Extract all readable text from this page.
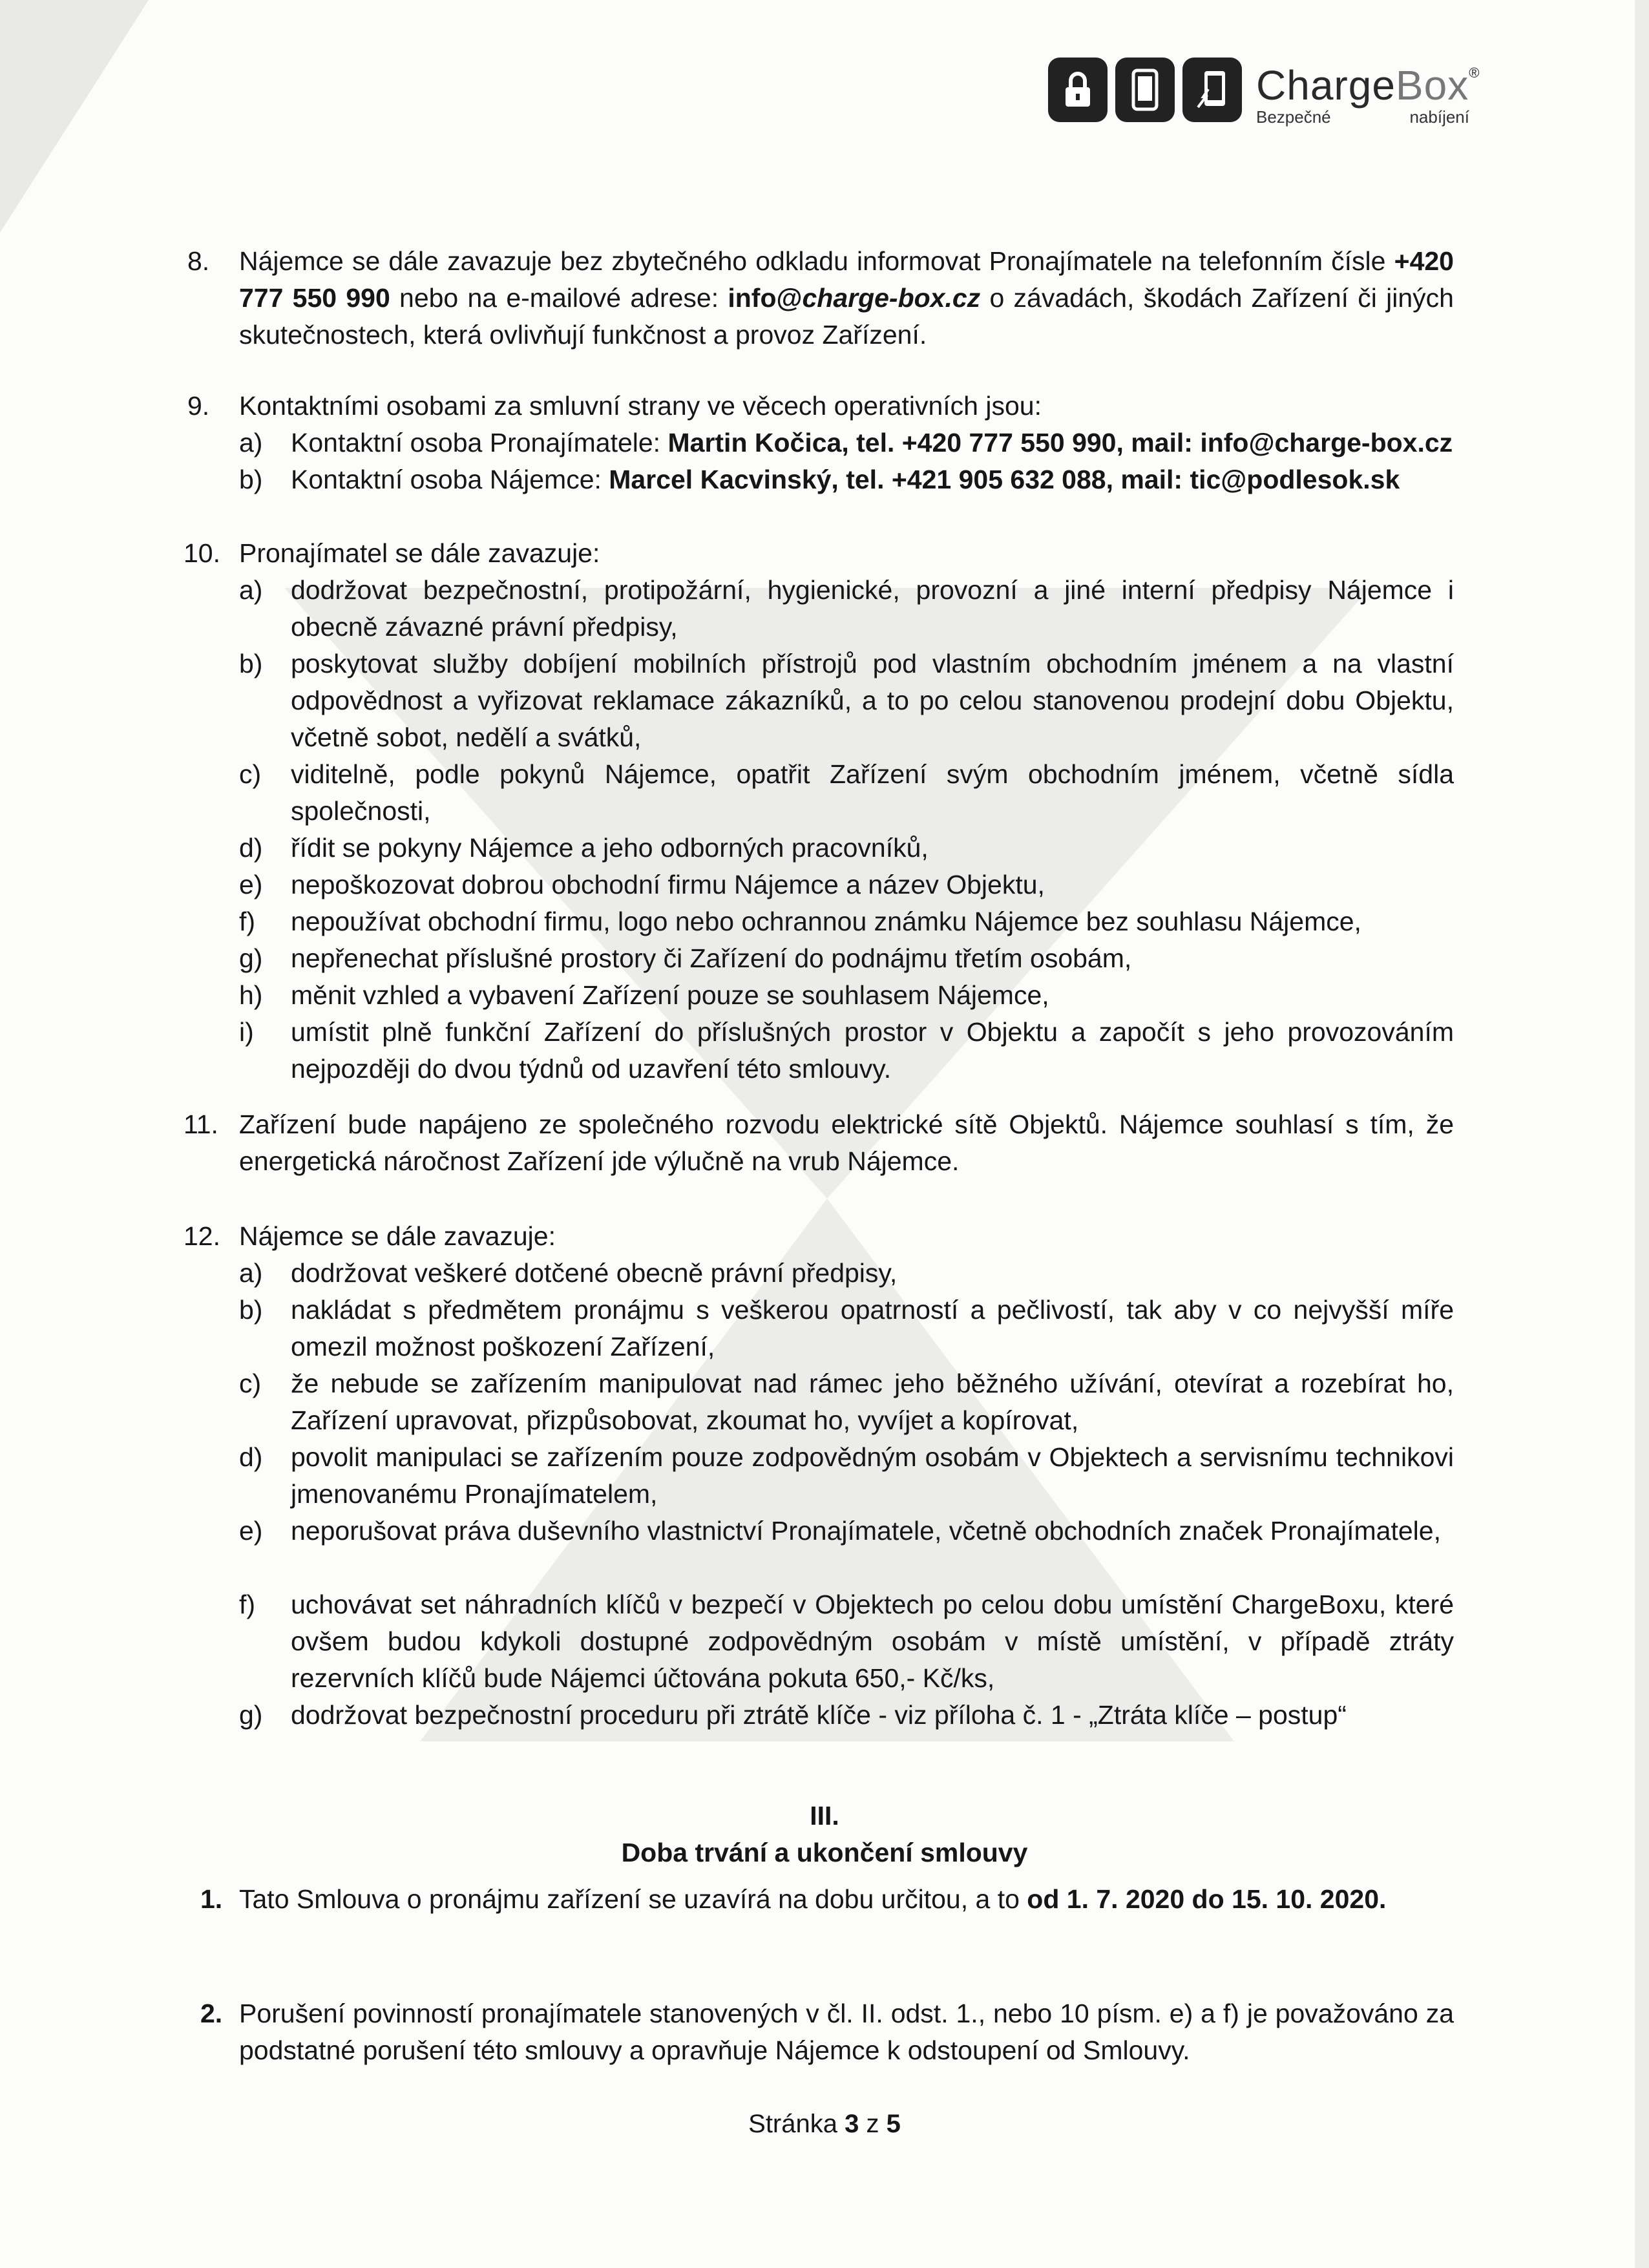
ChargeBox®
Bezpečné	nabíjení
8. Nájemce se dále zavazuje bez zbytečného odkladu informovat Pronajímatele na telefonním čísle +420 777 550 990 nebo na e-mailové adrese: info@charge-box.cz o závadách, škodách Zařízení či jiných skutečnostech, která ovlivňují funkčnost a provoz Zařízení.
9. Kontaktními osobami za smluvní strany ve věcech operativních jsou:
a) Kontaktní osoba Pronajímatele: Martin Kočica, tel. +420 777 550 990, mail: info@charge-box.cz
b) Kontaktní osoba Nájemce: Marcel Kacvinský, tel. +421 905 632 088, mail: tic@podlesok.sk
10. Pronajímatel se dále zavazuje:
a) dodržovat bezpečnostní, protipožární, hygienické, provozní a jiné interní předpisy Nájemce i obecně závazné právní předpisy,
b) poskytovat služby dobíjení mobilních přístrojů pod vlastním obchodním jménem a na vlastní odpovědnost a vyřizovat reklamace zákazníků, a to po celou stanovenou prodejní dobu Objektu, včetně sobot, nedělí a svátků,
c) viditelně, podle pokynů Nájemce, opatřit Zařízení svým obchodním jménem, včetně sídla společnosti,
d) řídit se pokyny Nájemce a jeho odborných pracovníků,
e) nepoškozovat dobrou obchodní firmu Nájemce a název Objektu,
f) nepoužívat obchodní firmu, logo nebo ochrannou známku Nájemce bez souhlasu Nájemce,
g) nepřenechat příslušné prostory či Zařízení do podnájmu třetím osobám,
h) měnit vzhled a vybavení Zařízení pouze se souhlasem Nájemce,
i) umístit plně funkční Zařízení do příslušných prostor v Objektu a započít s jeho provozováním nejpozději do dvou týdnů od uzavření této smlouvy.
11. Zařízení bude napájeno ze společného rozvodu elektrické sítě Objektů. Nájemce souhlasí s tím, že energetická náročnost Zařízení jde výlučně na vrub Nájemce.
12. Nájemce se dále zavazuje:
a) dodržovat veškeré dotčené obecně právní předpisy,
b) nakládat s předmětem pronájmu s veškerou opatrností a pečlivostí, tak aby v co nejvyšší míře omezil možnost poškození Zařízení,
c) že nebude se zařízením manipulovat nad rámec jeho běžného užívání, otevírat a rozebírat ho, Zařízení upravovat, přizpůsobovat, zkoumat ho, vyvíjet a kopírovat,
d) povolit manipulaci se zařízením pouze zodpovědným osobám v Objektech a servisnímu technikovi jmenovanému Pronajímatelem,
e) neporušovat práva duševního vlastnictví Pronajímatele, včetně obchodních značek Pronajímatele,
f) uchovávat set náhradních klíčů v bezpečí v Objektech po celou dobu umístění ChargeBoxu, které ovšem budou kdykoli dostupné zodpovědným osobám v místě umístění, v případě ztráty rezervních klíčů bude Nájemci účtována pokuta 650,- Kč/ks,
g) dodržovat bezpečnostní proceduru při ztrátě klíče - viz příloha č. 1 - „Ztráta klíče – postup“
III.
Doba trvání a ukončení smlouvy
1. Tato Smlouva o pronájmu zařízení se uzavírá na dobu určitou, a to od 1. 7. 2020 do 15. 10. 2020.
2. Porušení povinností pronajímatele stanovených v čl. II. odst. 1., nebo 10 písm. e) a f) je považováno za podstatné porušení této smlouvy a opravňuje Nájemce k odstoupení od Smlouvy.
Stránka 3 z 5
